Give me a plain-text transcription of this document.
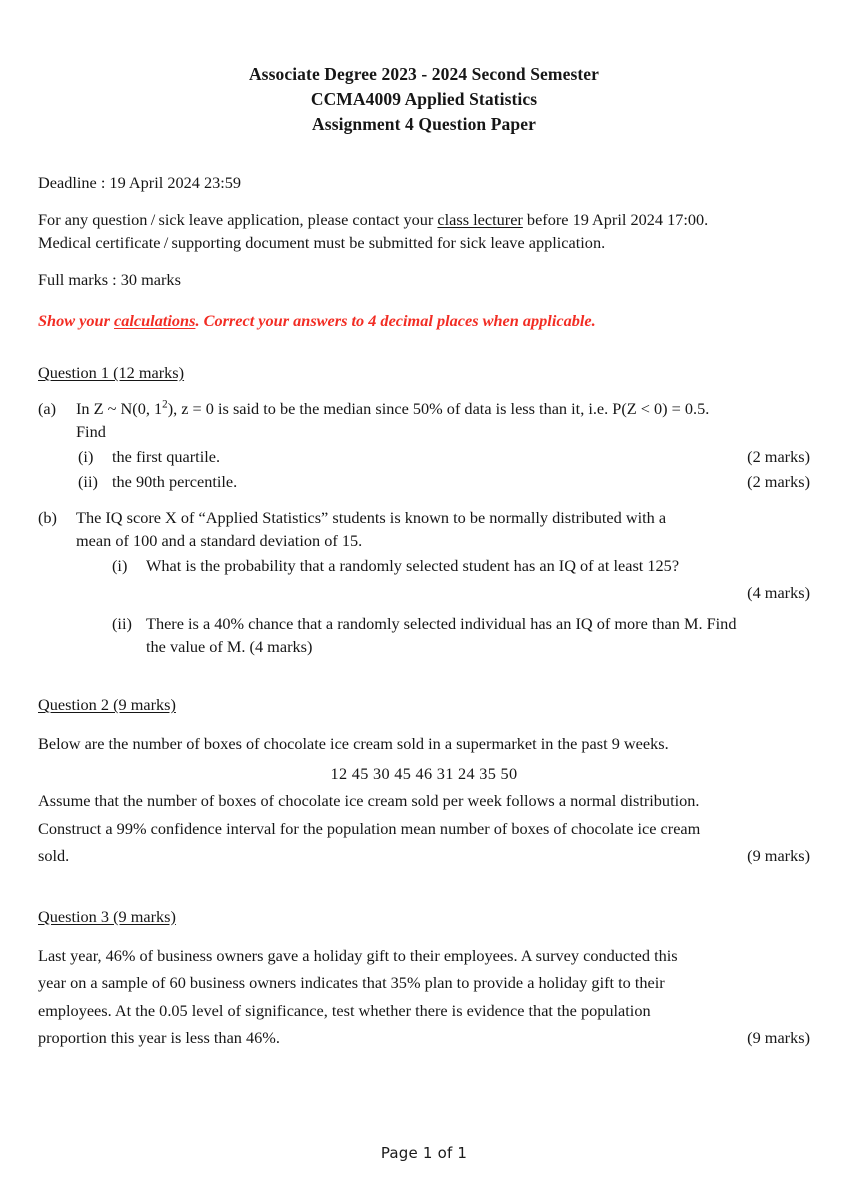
Associate Degree 2023 - 2024 Second Semester
CCMA4009 Applied Statistics
Assignment 4 Question Paper

Deadline : 19 April 2024 23:59

For any question / sick leave application, please contact your class lecturer before 19 April 2024 17:00.
Medical certificate / supporting document must be submitted for sick leave application.

Full marks : 30 marks

Show your calculations. Correct your answers to 4 decimal places when applicable.
Question 1 (12 marks)
(a)	In Z ~ N(0, $1^2$), z = 0 is said to be the median since 50% of data is less than it, i.e. P(Z < 0) = 0.5.
Find
(i)	the first quartile.	(2 marks)
(ii) the 90th percentile.	(2 marks)
(b)	The IQ score X of “Applied Statistics” students is known to be normally distributed with a
mean of 100 and a standard deviation of 15.
(i)	What is the probability that a randomly selected student has an IQ of at least 125?
(4 marks)
(ii) There is a 40% chance that a randomly selected individual has an IQ of more than M. Find
the value of M. (4 marks)
Question 2 (9 marks)
Below are the number of boxes of chocolate ice cream sold in a supermarket in the past 9 weeks.
12 45 30 45 46 31 24 35 50
Assume that the number of boxes of chocolate ice cream sold per week follows a normal distribution.
Construct a 99% confidence interval for the population mean number of boxes of chocolate ice cream
sold.	(9 marks)
Question 3 (9 marks)
Last year, 46% of business owners gave a holiday gift to their employees. A survey conducted this
year on a sample of 60 business owners indicates that 35% plan to provide a holiday gift to their
employees. At the 0.05 level of significance, test whether there is evidence that the population
proportion this year is less than 46%.	(9 marks)
Page 1 of 1
